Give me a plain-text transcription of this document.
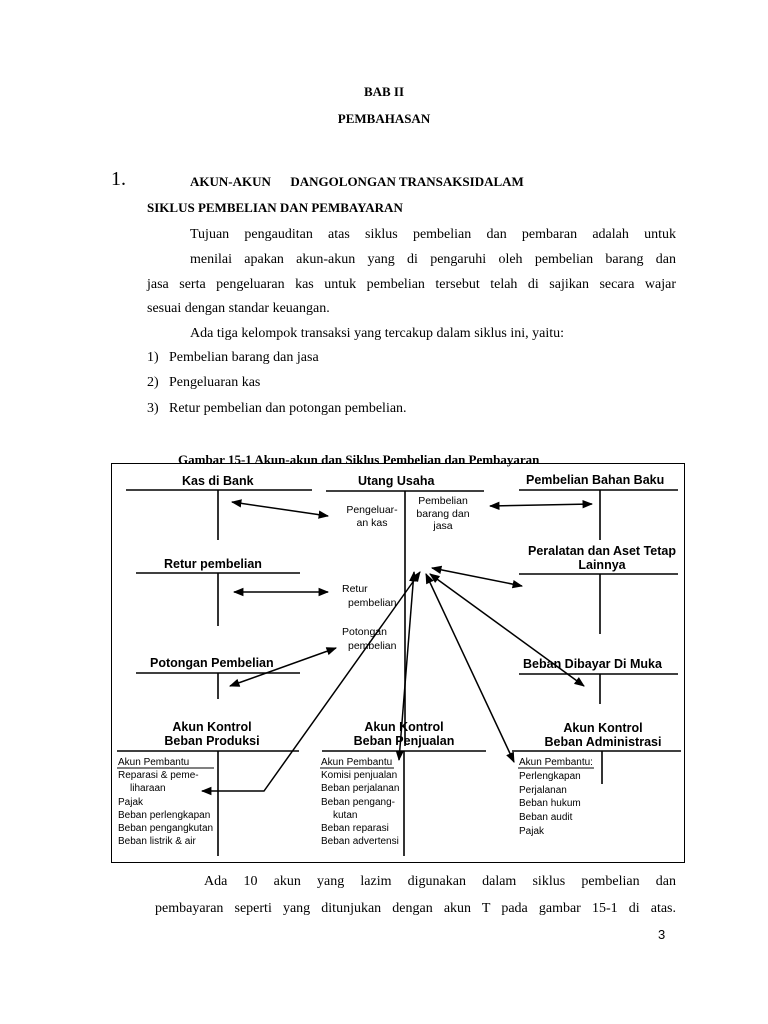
BAB II
PEMBAHASAN
1.	AKUN-AKUN      DANGOLONGAN TRANSAKSIDALAM
SIKLUS PEMBELIAN DAN PEMBAYARAN
Tujuan pengauditan atas siklus pembelian dan pembaran adalah untuk
menilai apakan akun-akun yang di pengaruhi oleh pembelian barang dan
jasa serta pengeluaran kas untuk pembelian tersebut telah di sajikan secara wajar
sesuai dengan standar keuangan.
Ada tiga kelompok transaksi yang tercakup dalam siklus ini, yaitu:
1) Pembelian barang dan jasa
2) Pengeluaran kas
3) Retur pembelian dan potongan pembelian.
Gambar 15-1 Akun-akun dan Siklus Pembelian dan Pembayaran
Kas di Bank	Utang Usaha	Pembelian Bahan Baku
Retur pembelian
Peralatan dan Aset Tetap
Lainnya
Potongan Pembelian	Beban Dibayar Di Muka
Akun Kontrol
Beban Produksi
Akun Kontrol
Beban Penjualan
Akun Kontrol
Beban Administrasi
Pengeluar-
an kas
Pembelian
barang dan
jasa
Retur
pembelian
Potongan
pembelian
Akun Pembantu
Reparasi & peme-
liharaan
Pajak
Beban perlengkapan
Beban pengangkutan
Beban listrik & air
Akun Pembantu
Komisi penjualan
Beban perjalanan
Beban pengang-
kutan
Beban reparasi
Beban advertensi
Akun Pembantu:
Perlengkapan
Perjalanan
Beban hukum
Beban audit
Pajak
Ada 10 akun yang lazim digunakan dalam siklus pembelian dan
pembayaran seperti yang ditunjukan dengan akun T pada gambar 15-1 di atas.
3
